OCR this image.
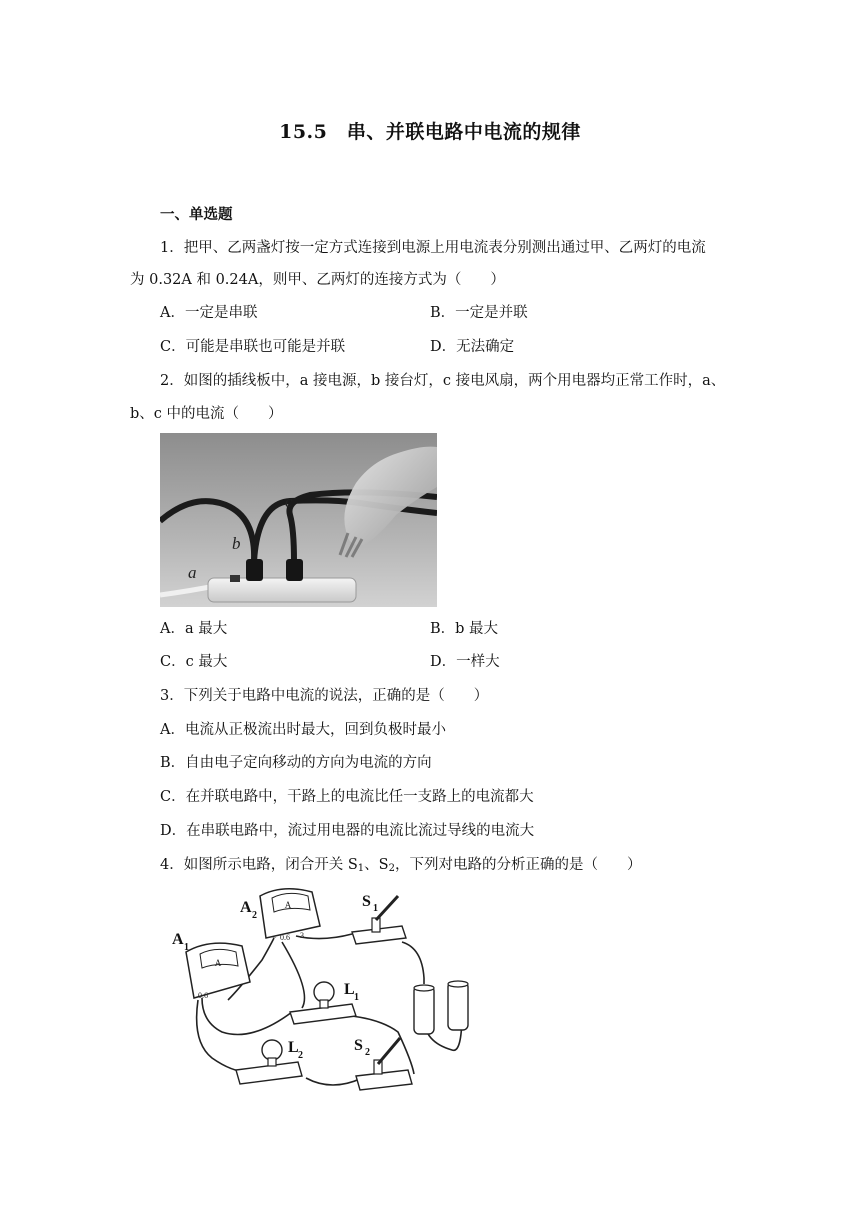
15.5　串、并联电路中电流的规律
一、单选题
1．把甲、乙两盏灯按一定方式连接到电源上用电流表分别测出通过甲、乙两灯的电流
为 0.32A 和 0.24A，则甲、乙两灯的连接方式为（　　）
A．一定是串联	B．一定是并联
C．可能是串联也可能是并联	D．无法确定
2．如图的插线板中，a 接电源，b 接台灯，c 接电风扇，两个用电器均正常工作时，a、
b、c 中的电流（　　）
a
b
c
A．a 最大	B．b 最大
C．c 最大	D．一样大
3．下列关于电路中电流的说法，正确的是（　　）
A．电流从正极流出时最大，回到负极时最小
B．自由电子定向移动的方向为电流的方向
C．在并联电路中，干路上的电流比任一支路上的电流都大
D．在串联电路中，流过用电器的电流比流过导线的电流大
4．如图所示电路，闭合开关 $S_1$、$S_2$，下列对电路的分析正确的是（　　）
A
− 0.6 3
A 2
A
0.6
A 1
S 1
L 1
L 2
S 2
